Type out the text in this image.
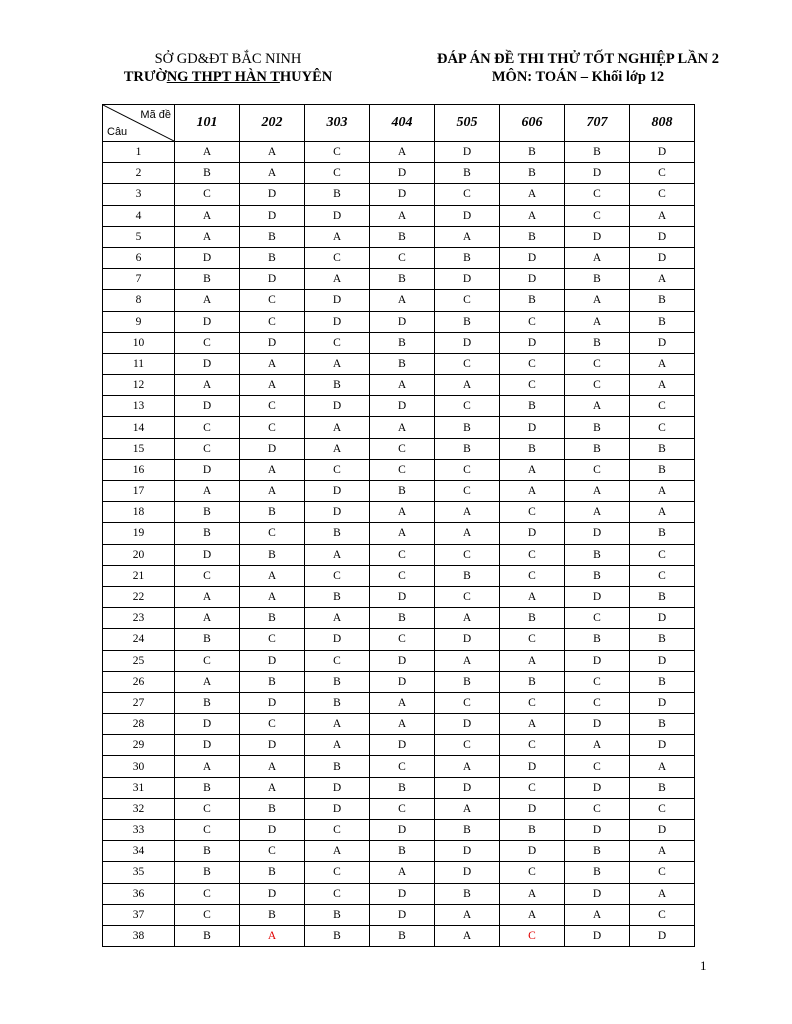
SỞ GD&ĐT BẮC NINH
TRƯỜNG THPT HÀN THUYÊN
ĐÁP ÁN ĐỀ THI THỬ TỐT NGHIỆP LẦN 2
MÔN: TOÁN – Khối lớp 12
Mã đề
Câu	101	202	303	404	505	606	707	808
1	A	A	C	A	D	B	B	D
2	B	A	C	D	B	B	D	C
3	C	D	B	D	C	A	C	C
4	A	D	D	A	D	A	C	A
5	A	B	A	B	A	B	D	D
6	D	B	C	C	B	D	A	D
7	B	D	A	B	D	D	B	A
8	A	C	D	A	C	B	A	B
9	D	C	D	D	B	C	A	B
10	C	D	C	B	D	D	B	D
11	D	A	A	B	C	C	C	A
12	A	A	B	A	A	C	C	A
13	D	C	D	D	C	B	A	C
14	C	C	A	A	B	D	B	C
15	C	D	A	C	B	B	B	B
16	D	A	C	C	C	A	C	B
17	A	A	D	B	C	A	A	A
18	B	B	D	A	A	C	A	A
19	B	C	B	A	A	D	D	B
20	D	B	A	C	C	C	B	C
21	C	A	C	C	B	C	B	C
22	A	A	B	D	C	A	D	B
23	A	B	A	B	A	B	C	D
24	B	C	D	C	D	C	B	B
25	C	D	C	D	A	A	D	D
26	A	B	B	D	B	B	C	B
27	B	D	B	A	C	C	C	D
28	D	C	A	A	D	A	D	B
29	D	D	A	D	C	C	A	D
30	A	A	B	C	A	D	C	A
31	B	A	D	B	D	C	D	B
32	C	B	D	C	A	D	C	C
33	C	D	C	D	B	B	D	D
34	B	C	A	B	D	D	B	A
35	B	B	C	A	D	C	B	C
36	C	D	C	D	B	A	D	A
37	C	B	B	D	A	A	A	C
38	B	A	B	B	A	C	D	D
1
